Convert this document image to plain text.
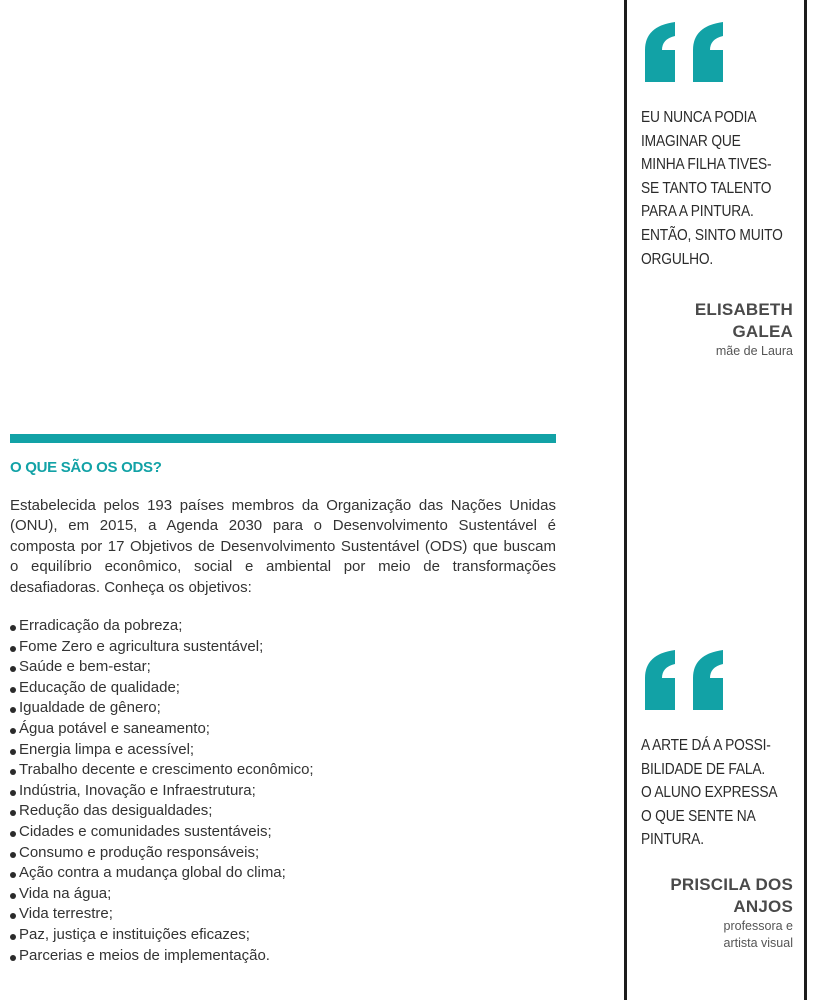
O QUE SÃO OS ODS?

Estabelecida pelos 193 países membros da Organização das Nações Unidas (ONU), em 2015, a Agenda 2030 para o Desenvolvimento Sustentável é composta por 17 Objetivos de Desenvolvimento Sustentável (ODS) que buscam o equilíbrio econômico, social e ambiental por meio de transformações desafiadoras. Conheça os objetivos:

Erradicação da pobreza;
Fome Zero e agricultura sustentável;
Saúde e bem-estar;
Educação de qualidade;
Igualdade de gênero;
Água potável e saneamento;
Energia limpa e acessível;
Trabalho decente e crescimento econômico;
Indústria, Inovação e Infraestrutura;
Redução das desigualdades;
Cidades e comunidades sustentáveis;
Consumo e produção responsáveis;
Ação contra a mudança global do clima;
Vida na água;
Vida terrestre;
Paz, justiça e instituições eficazes;
Parcerias e meios de implementação.

EU NUNCA PODIA
IMAGINAR QUE
MINHA FILHA TIVES-
SE TANTO TALENTO
PARA A PINTURA.
ENTÃO, SINTO MUITO
ORGULHO.

ELISABETH
GALEA

mãe de Laura

A ARTE DÁ A POSSI-
BILIDADE DE FALA.
O ALUNO EXPRESSA
O QUE SENTE NA
PINTURA.

PRISCILA DOS
ANJOS

professora e
artista visual
